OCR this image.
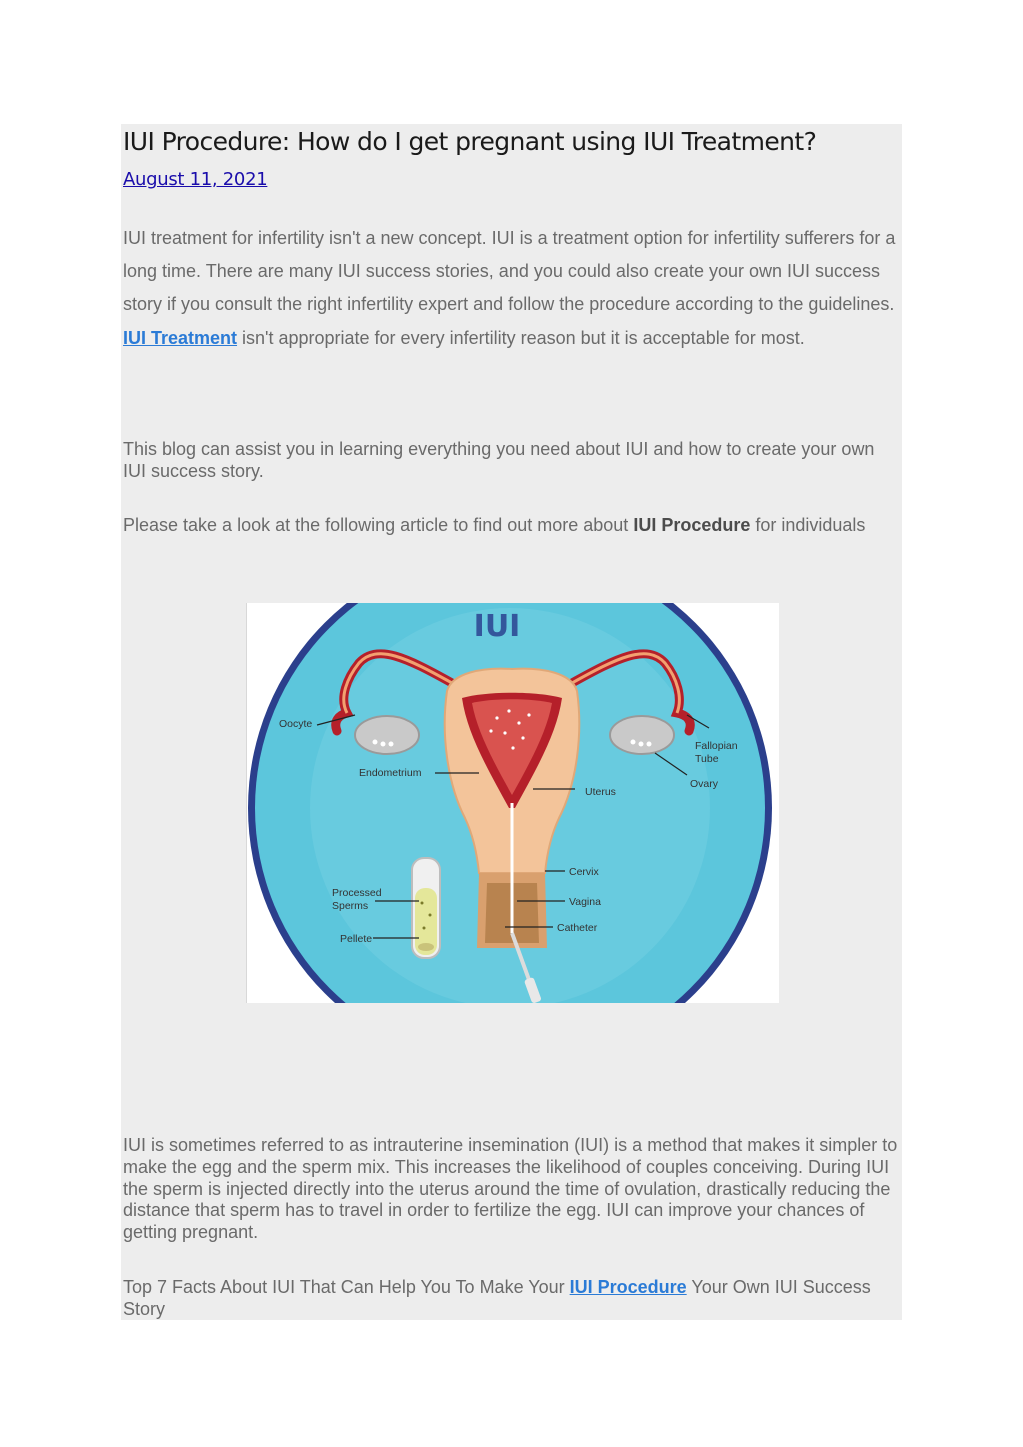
IUI Procedure: How do I get pregnant using IUI Treatment?
August 11, 2021

IUI treatment for infertility isn't a new concept. IUI is a treatment option for infertility sufferers for a long time. There are many IUI success stories, and you could also create your own IUI success story if you consult the right infertility expert and follow the procedure according to the guidelines. IUI Treatment isn't appropriate for every infertility reason but it is acceptable for most.

This blog can assist you in learning everything you need about IUI and how to create your own IUI success story.

Please take a look at the following article to find out more about IUI Procedure for individuals

IUI
Oocyte
Endometrium
Uterus
Fallopian
Tube
Ovary
Cervix
Vagina
Catheter
Processed
Sperms
Pellete

IUI is sometimes referred to as intrauterine insemination (IUI) is a method that makes it simpler to make the egg and the sperm mix. This increases the likelihood of couples conceiving. During IUI the sperm is injected directly into the uterus around the time of ovulation, drastically reducing the distance that sperm has to travel in order to fertilize the egg. IUI can improve your chances of getting pregnant.

Top 7 Facts About IUI That Can Help You To Make Your IUI Procedure Your Own IUI Success Story
